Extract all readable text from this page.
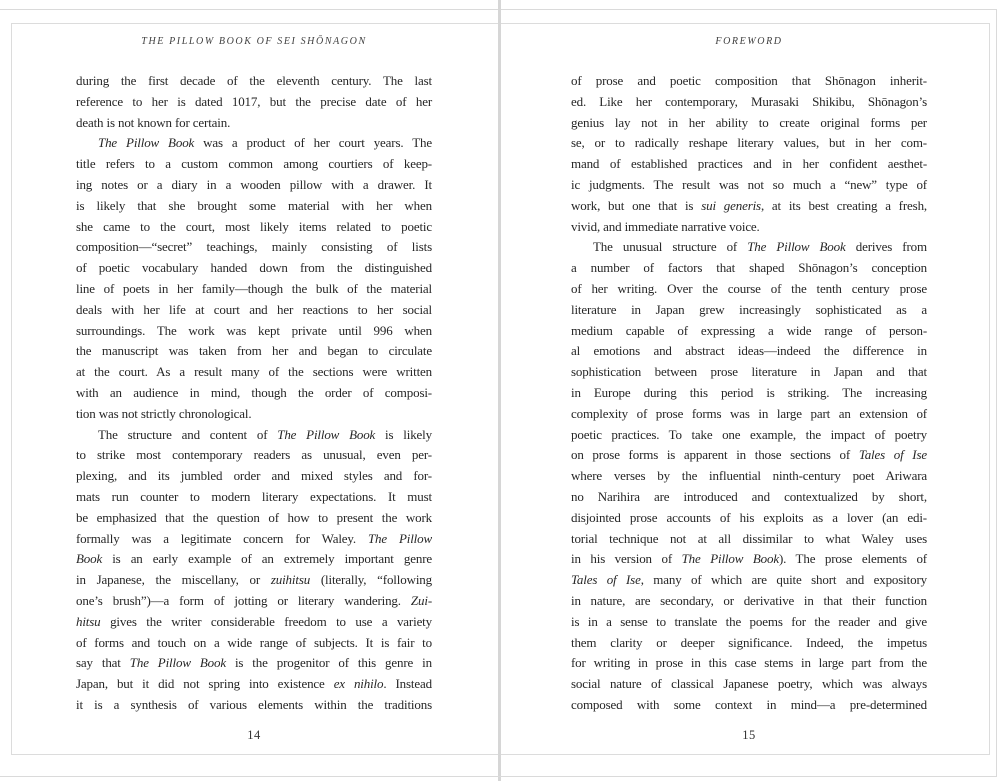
THE PILLOW BOOK OF SEI SHŌNAGON
during the first decade of the eleventh century. The last
reference to her is dated 1017, but the precise date of her
death is not known for certain.
The Pillow Book was a product of her court years. The
title refers to a custom common among courtiers of keep-
ing notes or a diary in a wooden pillow with a drawer. It
is likely that she brought some material with her when
she came to the court, most likely items related to poetic
composition—“secret” teachings, mainly consisting of lists
of poetic vocabulary handed down from the distinguished
line of poets in her family—though the bulk of the material
deals with her life at court and her reactions to her social
surroundings. The work was kept private until 996 when
the manuscript was taken from her and began to circulate
at the court. As a result many of the sections were written
with an audience in mind, though the order of composi-
tion was not strictly chronological.
The structure and content of The Pillow Book is likely
to strike most contemporary readers as unusual, even per-
plexing, and its jumbled order and mixed styles and for-
mats run counter to modern literary expectations. It must
be emphasized that the question of how to present the work
formally was a legitimate concern for Waley. The Pillow
Book is an early example of an extremely important genre
in Japanese, the miscellany, or zuihitsu (literally, “following
one’s brush”)—a form of jotting or literary wandering. Zui-
hitsu gives the writer considerable freedom to use a variety
of forms and touch on a wide range of subjects. It is fair to
say that The Pillow Book is the progenitor of this genre in
Japan, but it did not spring into existence ex nihilo. Instead
it is a synthesis of various elements within the traditions
14
FOREWORD
of prose and poetic composition that Shōnagon inherit-
ed. Like her contemporary, Murasaki Shikibu, Shōnagon’s
genius lay not in her ability to create original forms per
se, or to radically reshape literary values, but in her com-
mand of established practices and in her confident aesthet-
ic judgments. The result was not so much a “new” type of
work, but one that is sui generis, at its best creating a fresh,
vivid, and immediate narrative voice.
The unusual structure of The Pillow Book derives from
a number of factors that shaped Shōnagon’s conception
of her writing. Over the course of the tenth century prose
literature in Japan grew increasingly sophisticated as a
medium capable of expressing a wide range of person-
al emotions and abstract ideas—indeed the difference in
sophistication between prose literature in Japan and that
in Europe during this period is striking. The increasing
complexity of prose forms was in large part an extension of
poetic practices. To take one example, the impact of poetry
on prose forms is apparent in those sections of Tales of Ise
where verses by the influential ninth-century poet Ariwara
no Narihira are introduced and contextualized by short,
disjointed prose accounts of his exploits as a lover (an edi-
torial technique not at all dissimilar to what Waley uses
in his version of The Pillow Book). The prose elements of
Tales of Ise, many of which are quite short and expository
in nature, are secondary, or derivative in that their function
is in a sense to translate the poems for the reader and give
them clarity or deeper significance. Indeed, the impetus
for writing in prose in this case stems in large part from the
social nature of classical Japanese poetry, which was always
composed with some context in mind—a pre-determined
15
